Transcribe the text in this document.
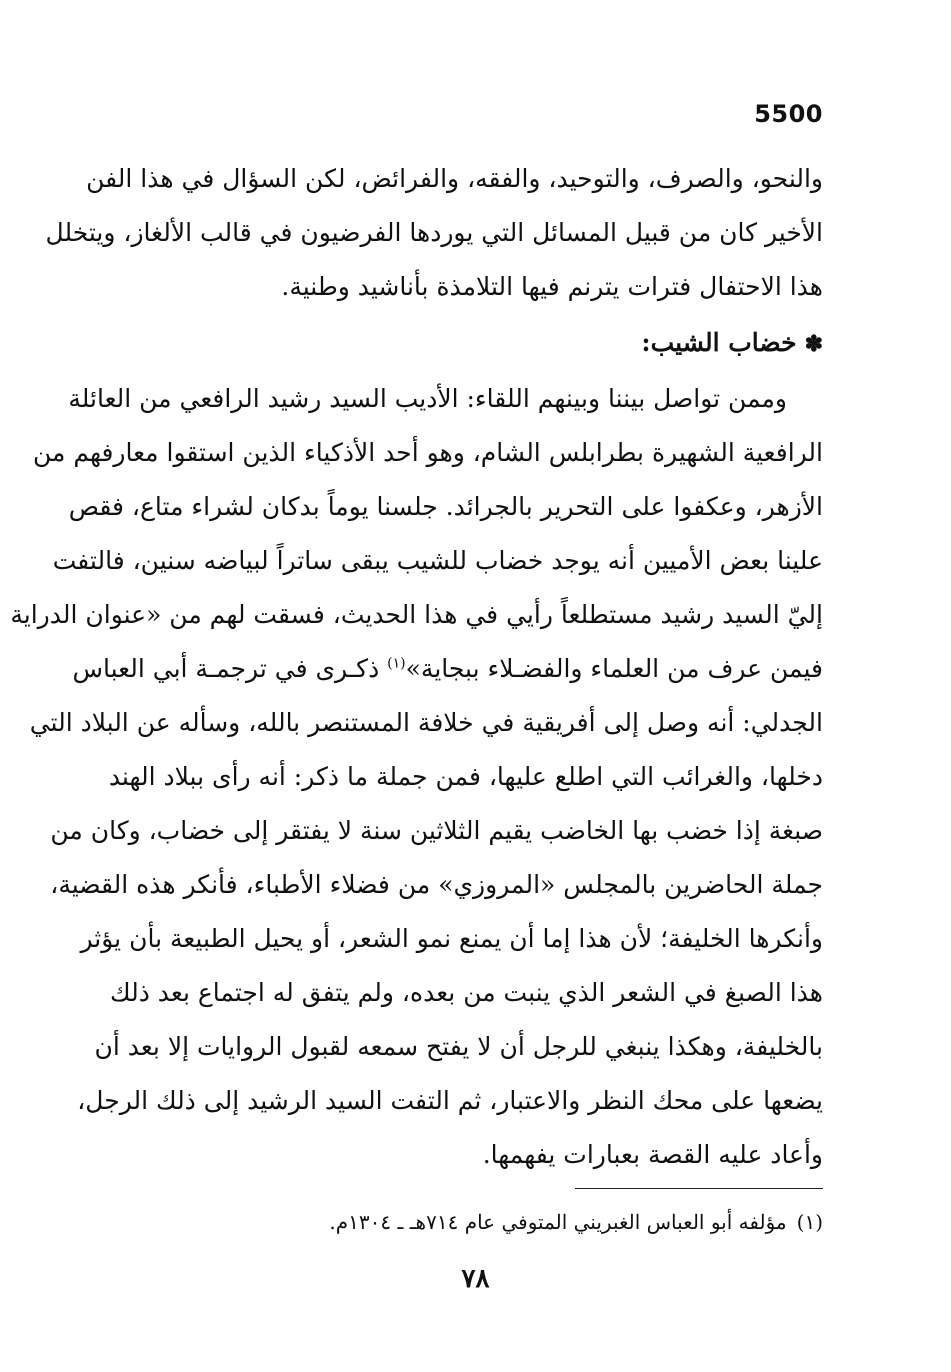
5500
والنحو، والصرف، والتوحيد، والفقه، والفرائض، لكن السؤال في هذا الفن
الأخير كان من قبيل المسائل التي يوردها الفرضيون في قالب الألغاز، ويتخلل
هذا الاحتفال فترات يترنم فيها التلامذة بأناشيد وطنية.
✽خضاب الشيب:
وممن تواصل بيننا وبينهم اللقاء: الأديب السيد رشيد الرافعي من العائلة
الرافعية الشهيرة بطرابلس الشام، وهو أحد الأذكياء الذين استقوا معارفهم من
الأزهر، وعكفوا على التحرير بالجرائد. جلسنا يوماً بدكان لشراء متاع، فقص
علينا بعض الأميين أنه يوجد خضاب للشيب يبقى ساتراً لبياضه سنين، فالتفت
إليّ السيد رشيد مستطلعاً رأيي في هذا الحديث، فسقت لهم من «عنوان الدراية
فيمن عرف من العلماء والفضـلاء ببجاية»$^{(١)}$ ذكـرى في ترجمـة أبي العباس
الجدلي: أنه وصل إلى أفريقية في خلافة المستنصر بالله، وسأله عن البلاد التي
دخلها، والغرائب التي اطلع عليها، فمن جملة ما ذكر: أنه رأى ببلاد الهند
صبغة إذا خضب بها الخاضب يقيم الثلاثين سنة لا يفتقر إلى خضاب، وكان من
جملة الحاضرين بالمجلس «المروزي» من فضلاء الأطباء، فأنكر هذه القضية،
وأنكرها الخليفة؛ لأن هذا إما أن يمنع نمو الشعر، أو يحيل الطبيعة بأن يؤثر
هذا الصبغ في الشعر الذي ينبت من بعده، ولم يتفق له اجتماع بعد ذلك
بالخليفة، وهكذا ينبغي للرجل أن لا يفتح سمعه لقبول الروايات إلا بعد أن
يضعها على محك النظر والاعتبار، ثم التفت السيد الرشيد إلى ذلك الرجل،
وأعاد عليه القصة بعبارات يفهمها.
(١)مؤلفه أبو العباس الغبريني المتوفي عام ٧١٤هـ ـ ١٣٠٤م.
٧٨
